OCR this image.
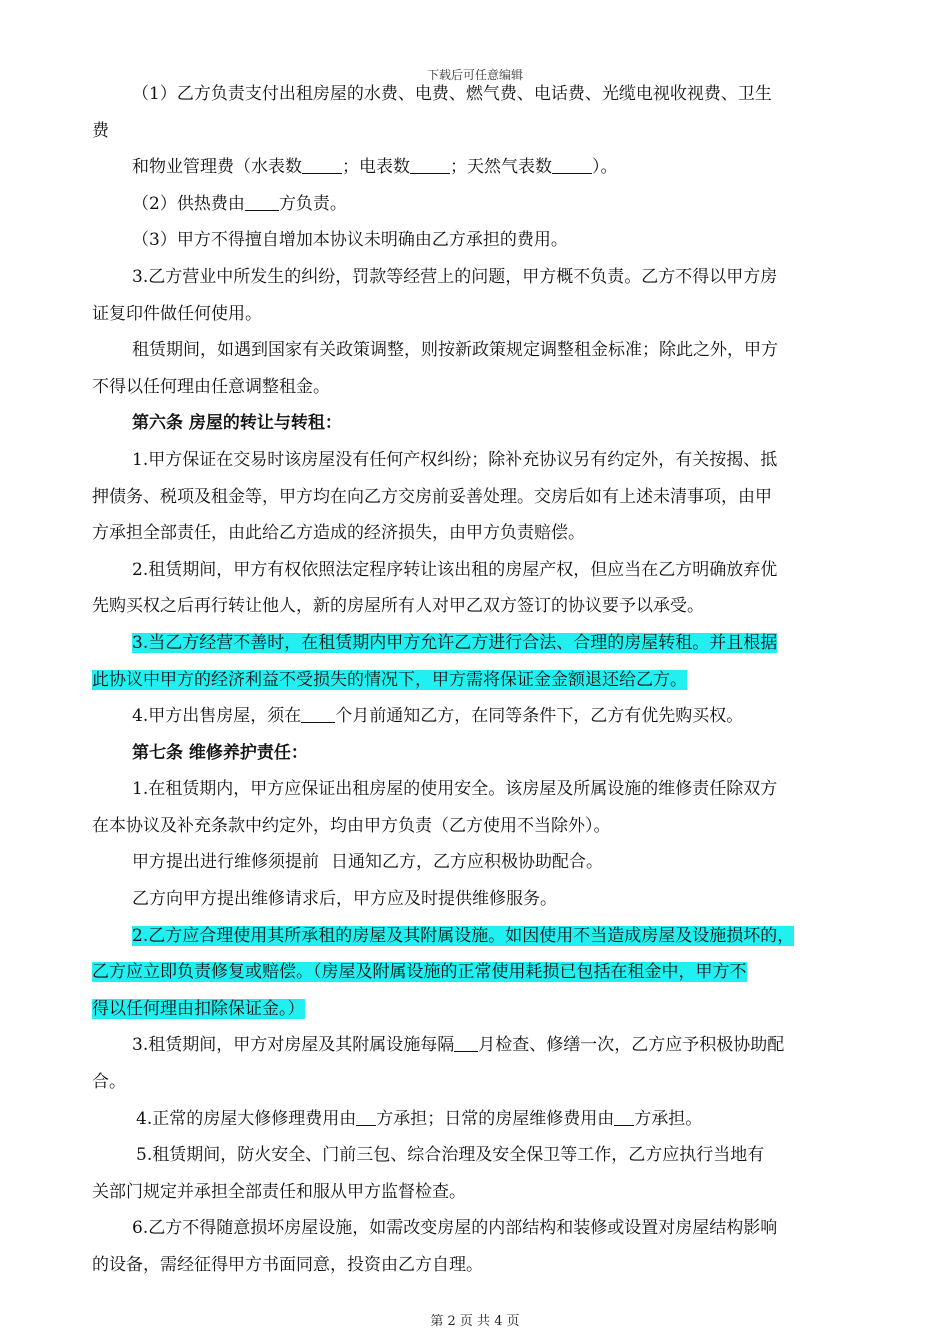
下载后可任意编辑

（1）乙方负责支付出租房屋的水费、电费、燃气费、电话费、光缆电视收视费、卫生

费

和物业管理费（水表数 ；电表数 ；天然气表数 ）。

（2）供热费由 方负责。

（3）甲方不得擅自增加本协议未明确由乙方承担的费用。

3.乙方营业中所发生的纠纷，罚款等经营上的问题，甲方概不负责。乙方不得以甲方房

证复印件做任何使用。

租赁期间，如遇到国家有关政策调整，则按新政策规定调整租金标准；除此之外，甲方

不得以任何理由任意调整租金。

第六条 房屋的转让与转租：

1.甲方保证在交易时该房屋没有任何产权纠纷；除补充协议另有约定外，有关按揭、抵

押债务、税项及租金等，甲方均在向乙方交房前妥善处理。交房后如有上述未清事项，由甲

方承担全部责任，由此给乙方造成的经济损失，由甲方负责赔偿。

2.租赁期间，甲方有权依照法定程序转让该出租的房屋产权，但应当在乙方明确放弃优

先购买权之后再行转让他人，新的房屋所有人对甲乙双方签订的协议要予以承受。

3.当乙方经营不善时，在租赁期内甲方允许乙方进行合法、合理的房屋转租。并且根据

此协议中甲方的经济利益不受损失的情况下，甲方需将保证金金额退还给乙方。

4.甲方出售房屋，须在 个月前通知乙方，在同等条件下，乙方有优先购买权。

第七条 维修养护责任：

1.在租赁期内，甲方应保证出租房屋的使用安全。该房屋及所属设施的维修责任除双方

在本协议及补充条款中约定外，均由甲方负责（乙方使用不当除外）。

甲方提出进行维修须提前 日通知乙方，乙方应积极协助配合。

乙方向甲方提出维修请求后，甲方应及时提供维修服务。

2.乙方应合理使用其所承租的房屋及其附属设施。如因使用不当造成房屋及设施损坏的，

乙方应立即负责修复或赔偿。（房屋及附属设施的正常使用耗损已包括在租金中，甲方不

得以任何理由扣除保证金。）

3.租赁期间，甲方对房屋及其附属设施每隔 月检查、修缮一次，乙方应予积极协助配

合。

4.正常的房屋大修修理费用由 方承担；日常的房屋维修费用由 方承担。

5.租赁期间，防火安全、门前三包、综合治理及安全保卫等工作，乙方应执行当地有

关部门规定并承担全部责任和服从甲方监督检查。

6.乙方不得随意损坏房屋设施，如需改变房屋的内部结构和装修或设置对房屋结构影响

的设备，需经征得甲方书面同意，投资由乙方自理。

第 2 页 共 4 页
